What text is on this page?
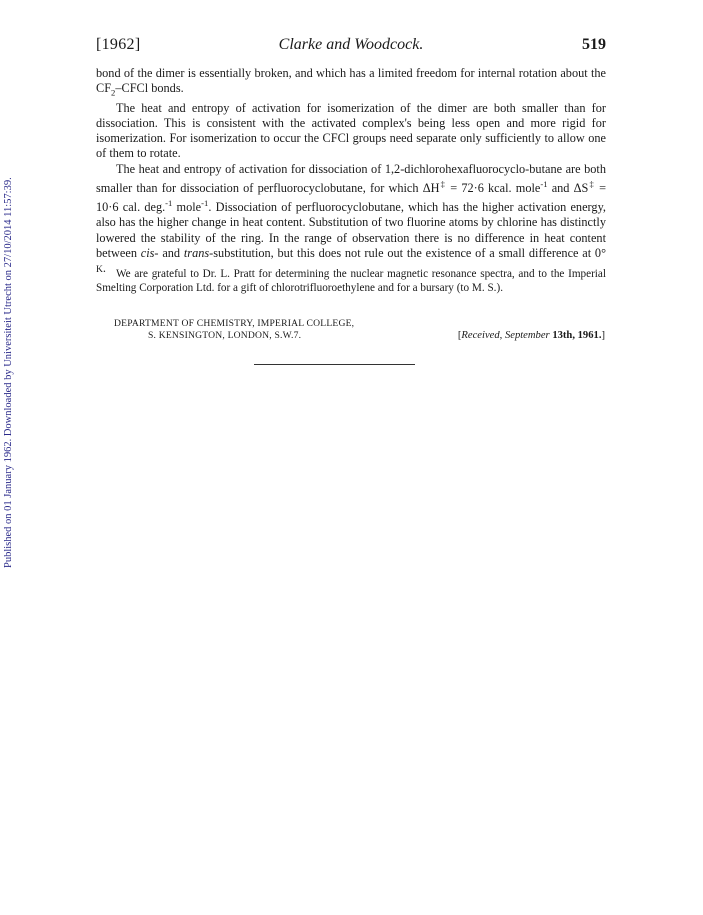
Published on 01 January 1962. Downloaded by Universiteit Utrecht on 27/10/2014 11:57:39.
[1962]	Clarke and Woodcock.	519

bond of the dimer is essentially broken, and which has a limited freedom for internal rotation about the $CF_2$–CFCl bonds.

The heat and entropy of activation for isomerization of the dimer are both smaller than for dissociation. This is consistent with the activated complex's being less open and more rigid for isomerization. For isomerization to occur the CFCl groups need separate only sufficiently to allow one of them to rotate.

The heat and entropy of activation for dissociation of 1,2-dichlorohexafluorocyclo-butane are both smaller than for dissociation of perfluorocyclobutane, for which ΔH‡ = 72·6 kcal. mole$^{-1}$ and ΔS‡ = 10·6 cal. deg.$^{-1}$ mole$^{-1}$. Dissociation of perfluorocyclobutane, which has the higher activation energy, also has the higher change in heat content. Substitution of two fluorine atoms by chlorine has distinctly lowered the stability of the ring. In the range of observation there is no difference in heat content between cis- and trans-substitution, but this does not rule out the existence of a small difference at 0° K. We are grateful to Dr. L. Pratt for determining the nuclear magnetic resonance spectra, and to the Imperial Smelting Corporation Ltd. for a gift of chlorotrifluoroethylene and for a bursary (to M. S.).

DEPARTMENT OF CHEMISTRY, IMPERIAL COLLEGE,
S. KENSINGTON, LONDON, S.W.7.	[Received, September 13th, 1961.]
